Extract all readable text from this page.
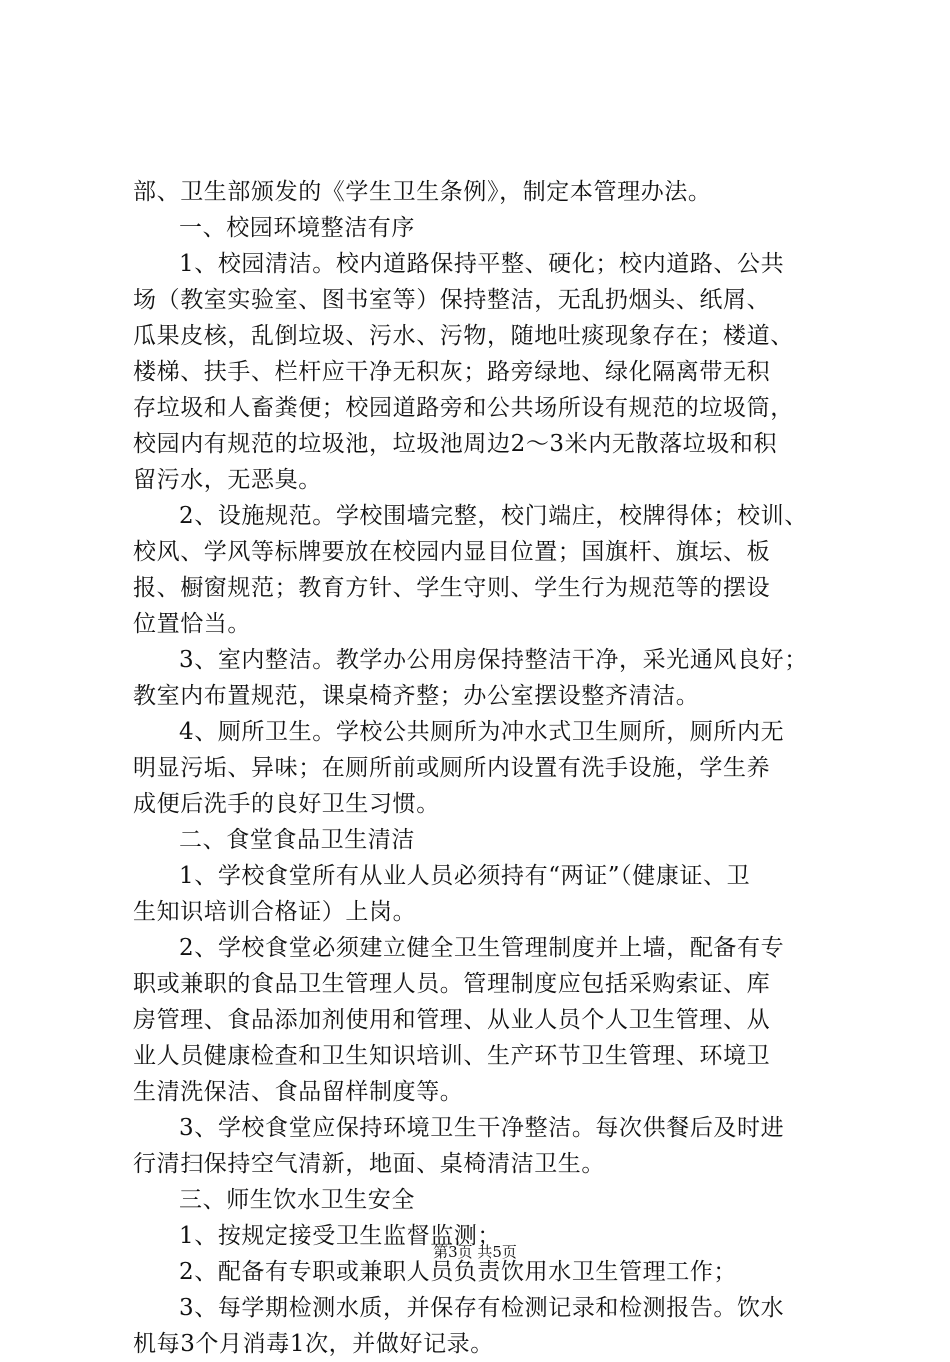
部、卫生部颁发的《学生卫生条例》，制定本管理办法。
一、校园环境整洁有序
1、校园清洁。校内道路保持平整、硬化；校内道路、公共
场（教室实验室、图书室等）保持整洁，无乱扔烟头、纸屑、
瓜果皮核，乱倒垃圾、污水、污物，随地吐痰现象存在；楼道、
楼梯、扶手、栏杆应干净无积灰；路旁绿地、绿化隔离带无积
存垃圾和人畜粪便；校园道路旁和公共场所设有规范的垃圾筒，
校园内有规范的垃圾池，垃圾池周边2～3米内无散落垃圾和积
留污水，无恶臭。
2、设施规范。学校围墙完整，校门端庄，校牌得体；校训、
校风、学风等标牌要放在校园内显目位置；国旗杆、旗坛、板
报、橱窗规范；教育方针、学生守则、学生行为规范等的摆设
位置恰当。
3、室内整洁。教学办公用房保持整洁干净，采光通风良好；
教室内布置规范，课桌椅齐整；办公室摆设整齐清洁。
4、厕所卫生。学校公共厕所为冲水式卫生厕所，厕所内无
明显污垢、异味；在厕所前或厕所内设置有洗手设施，学生养
成便后洗手的良好卫生习惯。
二、食堂食品卫生清洁
1、学校食堂所有从业人员必须持有“两证”（健康证、卫
生知识培训合格证）上岗。
2、学校食堂必须建立健全卫生管理制度并上墙，配备有专
职或兼职的食品卫生管理人员。管理制度应包括采购索证、库
房管理、食品添加剂使用和管理、从业人员个人卫生管理、从
业人员健康检查和卫生知识培训、生产环节卫生管理、环境卫
生清洗保洁、食品留样制度等。
3、学校食堂应保持环境卫生干净整洁。每次供餐后及时进
行清扫保持空气清新，地面、桌椅清洁卫生。
三、师生饮水卫生安全
1、按规定接受卫生监督监测；
2、配备有专职或兼职人员负责饮用水卫生管理工作；
3、每学期检测水质，并保存有检测记录和检测报告。饮水
机每3个月消毒1次，并做好记录。
第3页 共5页
